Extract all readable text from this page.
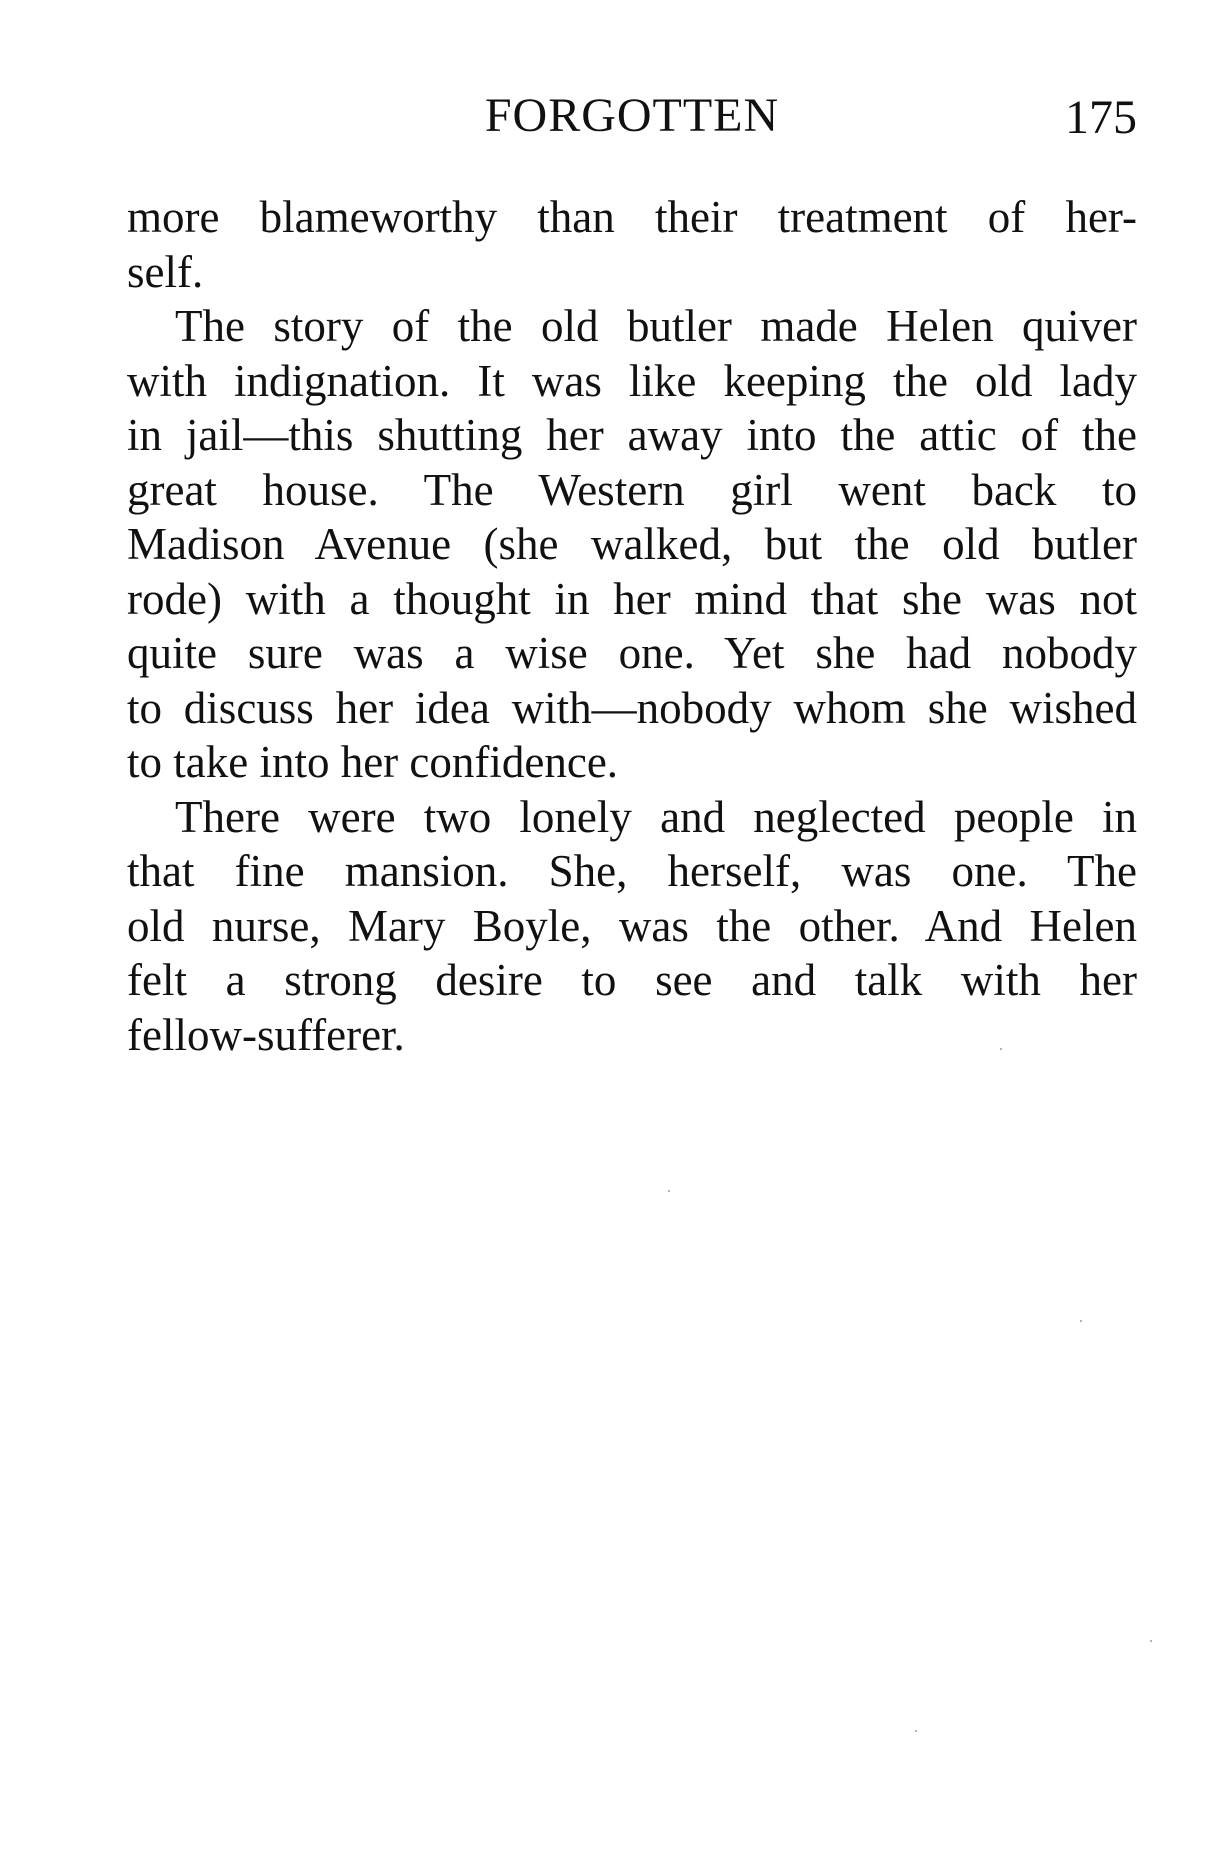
FORGOTTEN	175
more blameworthy than their treatment of her-
self.
The story of the old butler made Helen quiver
with indignation. It was like keeping the old lady
in jail—this shutting her away into the attic of the
great house. The Western girl went back to
Madison Avenue (she walked, but the old butler
rode) with a thought in her mind that she was not
quite sure was a wise one. Yet she had nobody
to discuss her idea with—nobody whom she wished
to take into her confidence.
There were two lonely and neglected people in
that fine mansion. She, herself, was one. The
old nurse, Mary Boyle, was the other. And Helen
felt a strong desire to see and talk with her
fellow-sufferer.
